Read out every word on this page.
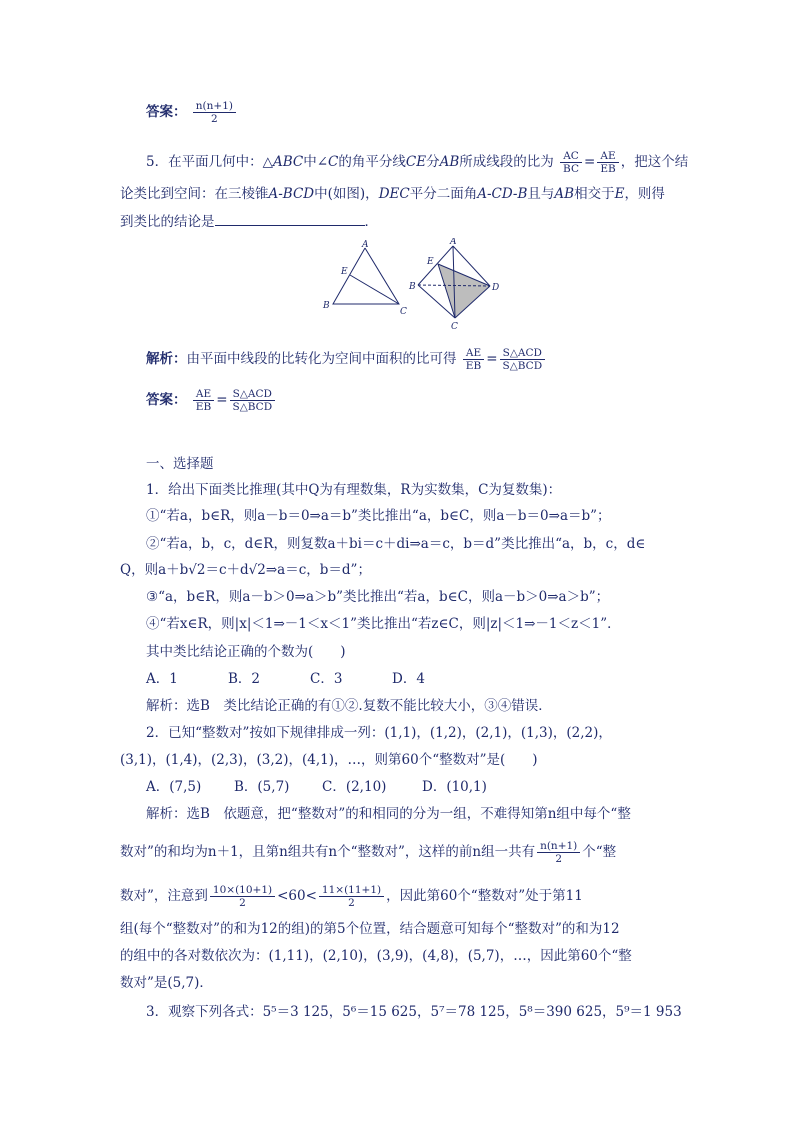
答案： $\frac{n(n+1)}{2}$
5．在平面几何中：△ABC中∠C的角平分线CE分AB所成线段的比为 $\frac{AC}{BC} = \frac{AE}{EB}$ ，把这个结
论类比到空间：在三棱锥A-BCD中(如图)，DEC平分二面角A-CD-B且与AB相交于E，则得
到类比的结论是	．
A
B
C
E
A
B
C
D
E
解析：由平面中线段的比转化为空间中面积的比可得 $\frac{AE}{EB} = \frac{\text{S△ACD}}{\text{S△BCD}}$
答案： $\frac{AE}{EB} = \frac{\text{S△ACD}}{\text{S△BCD}}$
一、选择题
1．给出下面类比推理(其中Q为有理数集，R为实数集，C为复数集)：
①“若a，b∈R，则a－b＝0⇒a＝b”类比推出“a，b∈C，则a－b＝0⇒a＝b”；
②“若a，b，c，d∈R，则复数a＋bi＝c＋di⇒a＝c，b＝d”类比推出“a，b，c，d∈
Q，则a＋b√2＝c＋d√2⇒a＝c，b＝d”；
③“a，b∈R，则a－b＞0⇒a＞b”类比推出“若a，b∈C，则a－b＞0⇒a＞b”；
④“若x∈R，则|x|＜1⇒－1＜x＜1”类比推出“若z∈C，则|z|＜1⇒－1＜z＜1”．
其中类比结论正确的个数为(　　)
A．1	B．2	C．3	D．4
解析：选B　类比结论正确的有①②.复数不能比较大小，③④错误．
2．已知“整数对”按如下规律排成一列：(1,1)，(1,2)，(2,1)，(1,3)，(2,2)，
(3,1)，(1,4)，(2,3)，(3,2)，(4,1)，…，则第60个“整数对”是(　　)
A．(7,5) B．(5,7) C．(2,10)	D．(10,1)
解析：选B　依题意，把“整数对”的和相同的分为一组，不难得知第n组中每个“整
数对”的和均为n＋1，且第n组共有n个“整数对”，这样的前n组一共有 $\frac{n(n+1)}{2}$ 个“整
数对”，注意到 $\frac{10\times(10+1)}{2} <60< \frac{11\times(11+1)}{2}$ ，因此第60个“整数对”处于第11
组(每个“整数对”的和为12的组)的第5个位置，结合题意可知每个“整数对”的和为12
的组中的各对数依次为：(1,11)，(2,10)，(3,9)，(4,8)，(5,7)，…，因此第60个“整
数对”是(5,7)．
3．观察下列各式：5⁵＝3 125，5⁶＝15 625，5⁷＝78 125，5⁸＝390 625，5⁹＝1 953
